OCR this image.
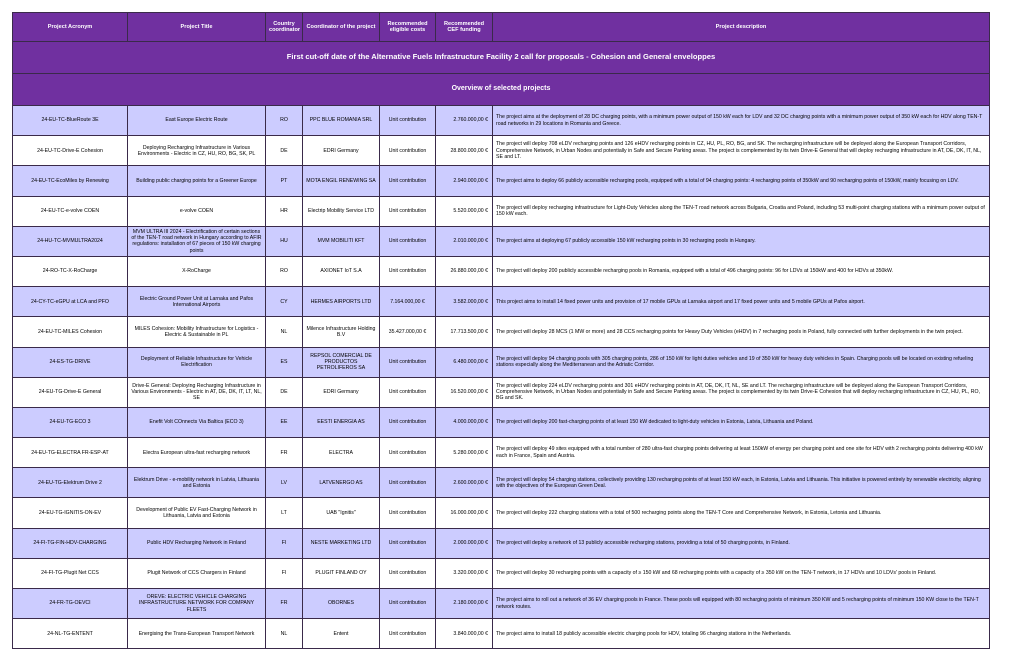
First cut-off date of the Alternative Fuels Infrastructure Facility 2 call for proposals - Cohesion and General enveloppes						
Overview of selected projects						
Project Acronym	Project Title	Country coordinator	Coordinator of the project	Recommended eligible costs	Recommended CEF funding	Project description
24-EU-TC-BlueRoute 3E	East Europe Electric Route	RO	PPC BLUE ROMANIA SRL	Unit contribution	2.760.000,00 €	The project aims at the deployment of 28 DC charging points, with a minimum power output of 150 kW each for LDV and 32 DC charging points with a minimum power output of 350 kW each for HDV along TEN-T road networks in 29 locations in Romania and Greece.
24-EU-TC-Drive-E Cohesion	Deploying Recharging Infrastructure in Various Environments - Electric in CZ, HU, RO, BG, SK, PL	DE	EDRI Germany	Unit contribution	28.800.000,00 €	The project will deploy 708 eLDV recharging points and 126 eHDV recharging points in CZ, HU, PL, RO, BG, and SK. The recharging infrastructure will be deployed along the European Transport Corridors, Comprehensive Network, in Urban Nodes and potentially in Safe and Secure Parking areas. The project is complemented by its twin Drive-E General that will deploy recharging infrastructure in AT, DE, DK, IT, NL, SE and LT.
24-EU-TC-EcoMiles by Renewing	Building public charging points for a Greener Europe	PT	MOTA ENGIL RENEWING SA	Unit contribution	2.940.000,00 €	The project aims to deploy 66 publicly accessible recharging pools, equipped with a total of 94 charging points: 4 recharging points of 350kW and 90 recharging points of 150kW, mainly focusing on LDV.
24-EU-TC-e-volve COEN	e-volve COEN	HR	Electrip Mobility Service LTD	Unit contribution	5.520.000,00 €	The project will deploy recharging infrastructure for Light-Duty Vehicles along the TEN-T road network across Bulgaria, Croatia and Poland, including 53 multi-point charging stations with a minimum power output of 150 kW each.
24-HU-TC-MVMULTRA2024	MVM ULTRA III 2024 - Electrification of certain sections of the TEN-T road network in Hungary according to AFIR regulations: installation of 67 pieces of 150 kW charging points	HU	MVM MOBILITI KFT	Unit contribution	2.010.000,00 €	The project aims at deploying 67 publicly accessible 150 kW recharging points in 30 recharging pools in Hungary.
24-RO-TC-X-RoCharge	X-RoCharge	RO	AXIONET IoT S.A	Unit contribution	26.880.000,00 €	The project will deploy 200 publicly accessible recharging pools in Romania, equipped with a total of 496 charging points: 96 for LDVs at 150kW and 400 for HDVs at 350kW.
24-CY-TC-eGPU at LCA and PFO	Electric Ground Power Unit at Larnaka and Pafos International Airports	CY	HERMES AIRPORTS LTD	7.164.000,00 €	3.582.000,00 €	This project aims to install 14 fixed power units and provision of 17 mobile GPUs at Larnaka airport and 17 fixed power units and 5 mobile GPUs at Pafos airport.
24-EU-TC-MILES Cohesion	MILES Cohesion: Mobility Infrastructure for Logistics - Electric & Sustainable in PL	NL	Milence Infrastructure Holding B.V	35.427.000,00 €	17.713.500,00 €	The project will deploy 28 MCS (1 MW or more) and 28 CCS recharging points for Heavy Duty Vehicles (eHDV) in 7 recharging pools in Poland, fully connected with further deployments in the twin project.
24-ES-TG-DRIVE	Deployment of Reliable Infrastructure for Vehicle Electrification	ES	REPSOL COMERCIAL DE PRODUCTOS PETROLIFEROS SA	Unit contribution	6.480.000,00 €	The project will deploy 94 charging pools with 305 charging points, 286 of 150 kW for light duties vehicles and 19 of 350 kW for heavy duty vehicles in Spain. Charging pools will be located on existing refueling stations especially along the Mediterranean and the Adriatic Corridor.
24-EU-TG-Drive-E General	Drive-E General: Deploying Recharging Infrastructure in Various Environments - Electric in AT, DE, DK, IT, LT, NL, SE	DE	EDRI Germany	Unit contribution	16.520.000,00 €	The project will deploy 224 eLDV recharging points and 301 eHDV recharging points in AT, DE, DK, IT, NL, SE and LT. The recharging infrastructure will be deployed along the European Transport Corridors, Comprehensive Network, in Urban Nodes and potentially in Safe and Secure Parking areas. The project is complemented by its twin Drive-E Cohesion that will deploy recharging infrastructure in CZ, HU, PL, RO, BG and SK.
24-EU-TG-ECO 3	Enefit Volt COnnects Via Baltica (ECO 3)	EE	EESTI ENERGIA AS	Unit contribution	4.000.000,00 €	The project will deploy 200 fast-charging points of at least 150 kW dedicated to light-duty vehicles in Estonia, Latvia, Lithuania and Poland.
24-EU-TG-ELECTRA FR-ESP-AT	Electra European ultra-fast recharging network	FR	ELECTRA	Unit contribution	5.280.000,00 €	The project will deploy 49 sites equipped with a total number of 280 ultra-fast charging points delivering at least 150kW of energy per charging point and one site for HDV with 2 recharging points delivering 400 kW each in France, Spain and Austria.
24-EU-TG-Elektrum Drive 2	Elektrum Drive - e-mobility network in Latvia, Lithuania and Estonia	LV	LATVENERGO AS	Unit contribution	2.600.000,00 €	The project will deploy 54 charging stations, collectively providing 130 recharging points of at least 150 kW each, in Estonia, Latvia and Lithuania. This initiative is powered entirely by renewable electricity, aligning with the objectives of the European Green Deal.
24-EU-TG-IGNITIS-ON-EV	Development of Public EV Fast-Charging Network in Lithuania, Latvia and Estonia	LT	UAB "Ignitis"	Unit contribution	16.000.000,00 €	The project will deploy 222 charging stations with a total of 500 recharging points along the TEN-T Core and Comprehensive Network, in Estonia, Letonia and Lithuania.
24-FI-TG-FIN-HDV-CHARGING	Public HDV Recharging Network in Finland	FI	NESTE MARKETING LTD	Unit contribution	2.000.000,00 €	The project will deploy a network of 13 publicly accessible recharging stations, providing a total of 50 charging points, in Finland.
24-FI-TG-Plugit Net CCS	Plugit Network of CCS Chargers in Finland	FI	PLUGIT FINLAND OY	Unit contribution	3.320.000,00 €	The project will deploy 30 recharging points with a capacity of ≥ 150 kW and 68 recharging points with a capacity of ≥ 350 kW on the TEN-T network, in 17 HDVs and 10 LDVs' pools in Finland.
24-FR-TG-OEVCI	OREVE: ELECTRIC VEHICLE CHARGING INFRASTRUCTURE NETWORK FOR COMPANY FLEETS	FR	OBORNES	Unit contribution	2.180.000,00 €	The project aims to roll out a network of 36 EV charging pools in France. These pools will equipped with 80 recharging points of minimum 350 KW and 5 recharging points of minimum 150 KW close to the TEN-T network routes.
24-NL-TG-ENTENT	Energising the Trans-European Transport Network	NL	Entent	Unit contribution	3.840.000,00 €	The project aims to install 18 publicly accessible electric charging pools for HDV, totaling 96 charging stations in the Netherlands.
